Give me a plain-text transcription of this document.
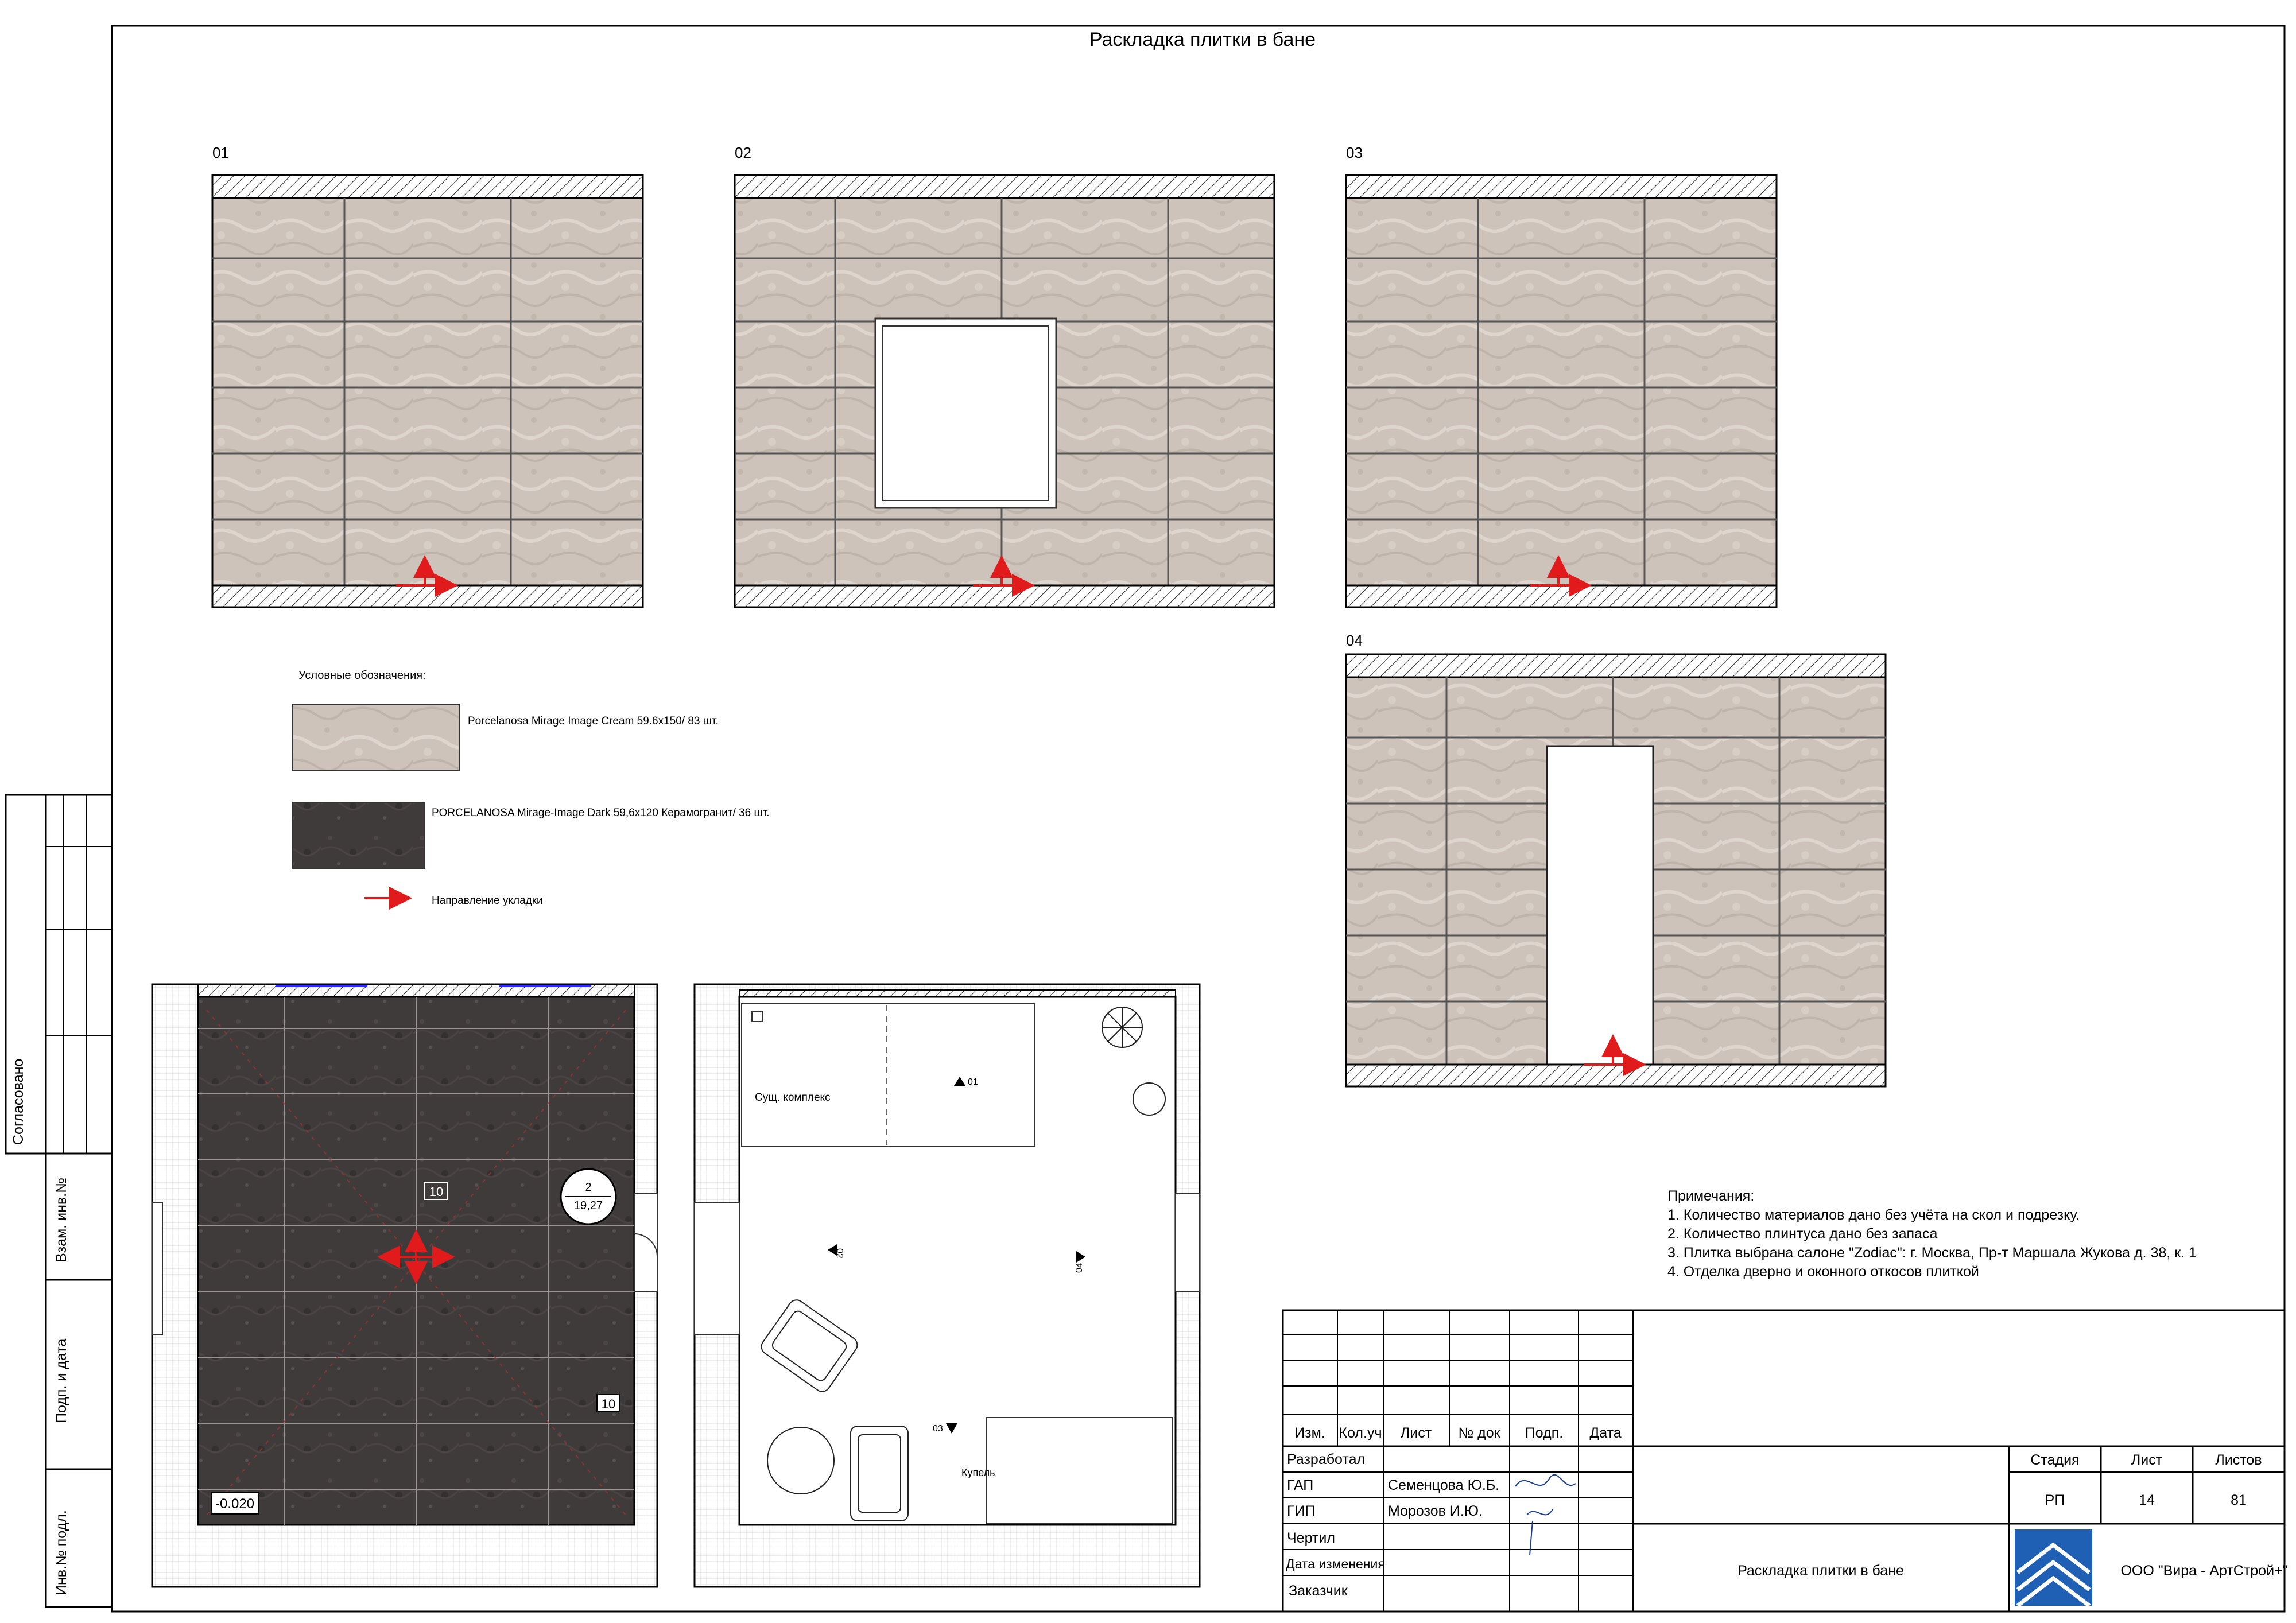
Раскладка плитки в бане
01	02	03
04
Условные обозначения:
Porcelanosa Mirage Image Cream 59.6x150/ 83 шт.
PORCELANOSA Mirage-Image Dark 59,6x120 Керамогранит/ 36 шт.
Направление укладки
10
10
2
19,27
-0.020
Сущ. комплекс
Купель
01
02
03
04
Примечания:
1. Количество материалов дано без учёта на скол и подрезку.
2. Количество плинтуса дано без запаса
3. Плитка выбрана салоне "Zodiac": г. Москва, Пр-т Маршала Жукова д. 38, к. 1
4. Отделка дверно и оконного откосов плиткой
Согласовано
Взам. инв.№
Подп. и дата
Инв.№ подл.
Изм. Кол.уч Лист № док Подп. Дата
Разработал
ГАП	Семенцова Ю.Б.
ГИП	Морозов И.Ю.
Чертил
Дата изменения
Заказчик
Стадия	Лист	Листов
РП	14	81
Раскладка плитки в бане	ООО "Вира - АртСтрой+"
